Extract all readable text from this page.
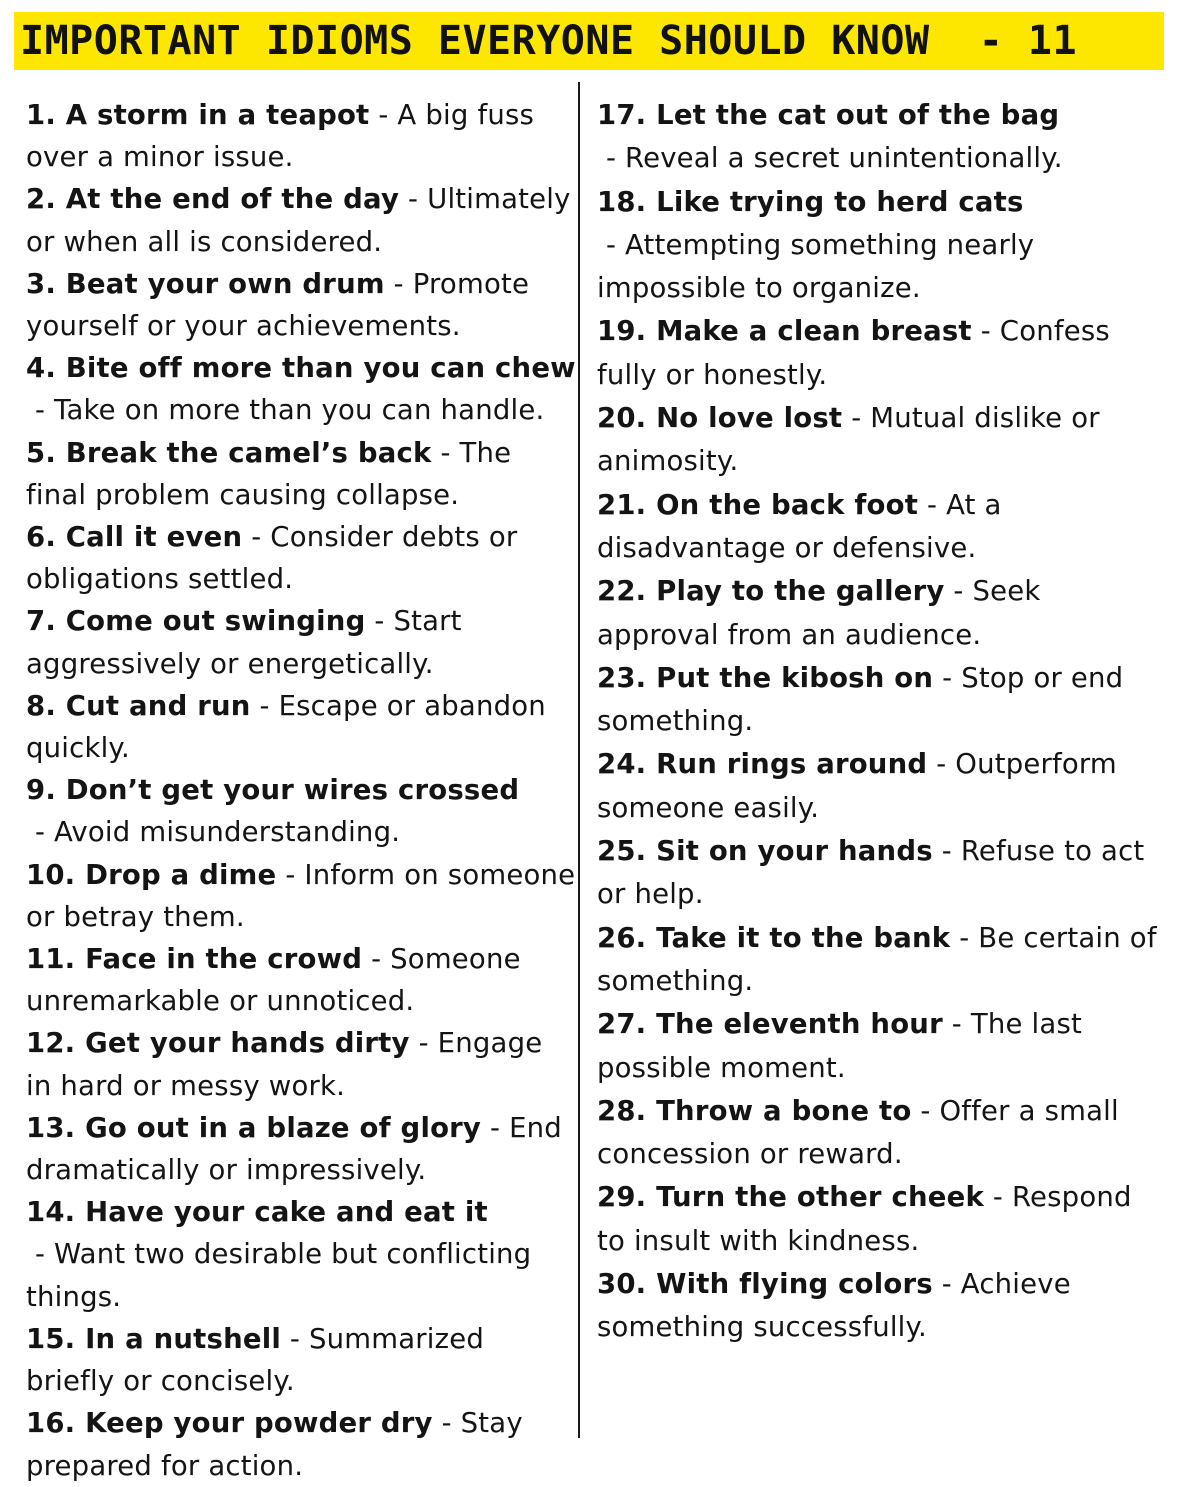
IMPORTANT IDIOMS EVERYONE SHOULD KNOW  - 11
1. A storm in a teapot - A big fuss over a minor issue.
2. At the end of the day - Ultimately or when all is considered.
3. Beat your own drum - Promote yourself or your achievements.
4. Bite off more than you can chew - Take on more than you can handle.
5. Break the camel’s back - The final problem causing collapse.
6. Call it even - Consider debts or obligations settled.
7. Come out swinging - Start aggressively or energetically.
8. Cut and run - Escape or abandon quickly.
9. Don’t get your wires crossed - Avoid misunderstanding.
10. Drop a dime - Inform on someone or betray them.
11. Face in the crowd - Someone unremarkable or unnoticed.
12. Get your hands dirty - Engage in hard or messy work.
13. Go out in a blaze of glory - End dramatically or impressively.
14. Have your cake and eat it - Want two desirable but conflicting things.
15. In a nutshell - Summarized briefly or concisely.
16. Keep your powder dry - Stay prepared for action.
17. Let the cat out of the bag - Reveal a secret unintentionally.
18. Like trying to herd cats - Attempting something nearly impossible to organize.
19. Make a clean breast - Confess fully or honestly.
20. No love lost - Mutual dislike or animosity.
21. On the back foot - At a disadvantage or defensive.
22. Play to the gallery - Seek approval from an audience.
23. Put the kibosh on - Stop or end something.
24. Run rings around - Outperform someone easily.
25. Sit on your hands - Refuse to act or help.
26. Take it to the bank - Be certain of something.
27. The eleventh hour - The last possible moment.
28. Throw a bone to - Offer a small concession or reward.
29. Turn the other cheek - Respond to insult with kindness.
30. With flying colors - Achieve something successfully.
